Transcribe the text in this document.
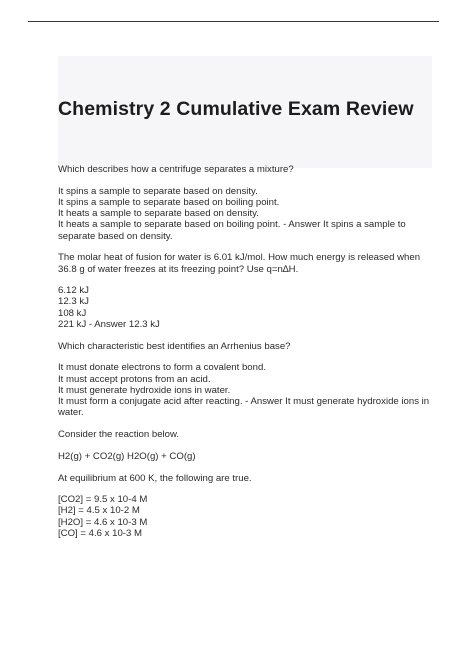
Chemistry 2 Cumulative Exam Review
Which describes how a centrifuge separates a mixture?
It spins a sample to separate based on density.
It spins a sample to separate based on boiling point.
It heats a sample to separate based on density.
It heats a sample to separate based on boiling point. - Answer It spins a sample to
separate based on density.
The molar heat of fusion for water is 6.01 kJ/mol. How much energy is released when
36.8 g of water freezes at its freezing point? Use q=n∆H.
6.12 kJ
12.3 kJ
108 kJ
221 kJ - Answer 12.3 kJ
Which characteristic best identifies an Arrhenius base?
It must donate electrons to form a covalent bond.
It must accept protons from an acid.
It must generate hydroxide ions in water.
It must form a conjugate acid after reacting. - Answer It must generate hydroxide ions in
water.
Consider the reaction below.
H2(g) + CO2(g) H2O(g) + CO(g)
At equilibrium at 600 K, the following are true.
[CO2] = 9.5 x 10-4 M
[H2] = 4.5 x 10-2 M
[H2O] = 4.6 x 10-3 M
[CO] = 4.6 x 10-3 M
